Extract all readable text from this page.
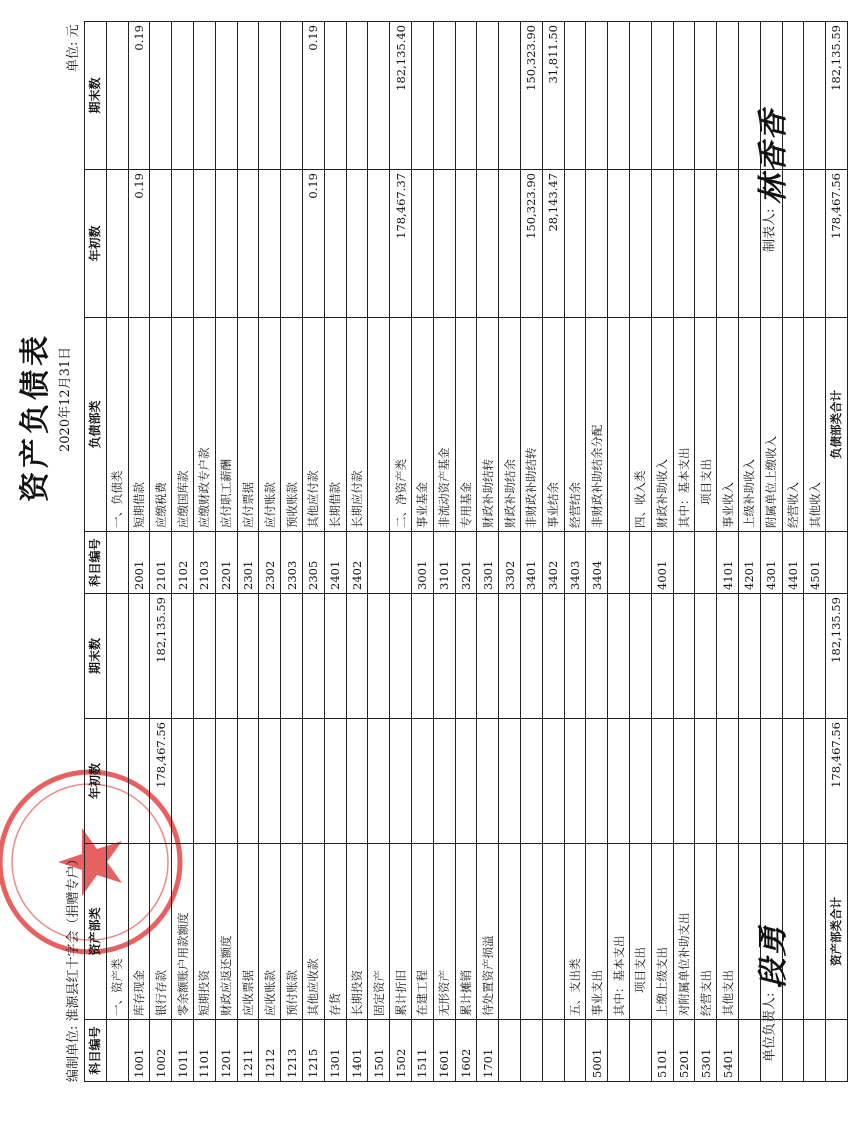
资产负债表 2020年12月31日
编制单位: 淮源县红十字会（捐赠专户）
单位: 元
科目编号	资产部类	年初数	期末数	科目编号	负债部类	年初数	期末数
	一、资产类				一、负债类		
1001	库存现金			2001	短期借款	0.19	0.19
1002	银行存款	178,467.56	182,135.59	2101	应缴税费		
1011	零余额账户用款额度			2102	应缴国库款		
1101	短期投资			2103	应缴财政专户款		
1201	财政应返还额度			2201	应付职工薪酬		
1211	应收票据			2301	应付票据		
1212	应收账款			2302	应付账款		
1213	预付账款			2303	预收账款		
1215	其他应收款			2305	其他应付款	0.19	0.19
1301	存货			2401	长期借款		
1401	长期投资			2402	长期应付款		
1501	固定资产						
1502	累计折旧				二、净资产类	178,467.37	182,135.40
1511	在建工程			3001	事业基金		
1601	无形资产			3101	非流动资产基金		
1602	累计摊销			3201	专用基金		
1701	待处置资产损溢			3301	财政补助结转		
				3302	财政补助结余		
				3401	非财政补助结转	150,323.90	150,323.90
				3402	事业结余	28,143.47	31,811.50
	五、支出类			3403	经营结余		
5001	事业支出			3404	非财政补助结余分配		
	其中：基本支出						
	　　项目支出				四、收入类		
5101	上缴上级支出			4001	财政补助收入		
5201	对附属单位补助支出				其中：基本支出		
5301	经营支出				　　项目支出		
5401	其他支出			4101	事业收入		
				4201	上级补助收入		
				4301	附属单位上缴收入		
				4401	经营收入		
				4501	其他收入		
	资产部类合计	178,467.56	182,135.59		负债部类合计	178,467.56	182,135.59
单位负责人: 段勇
制表人: 林香香
